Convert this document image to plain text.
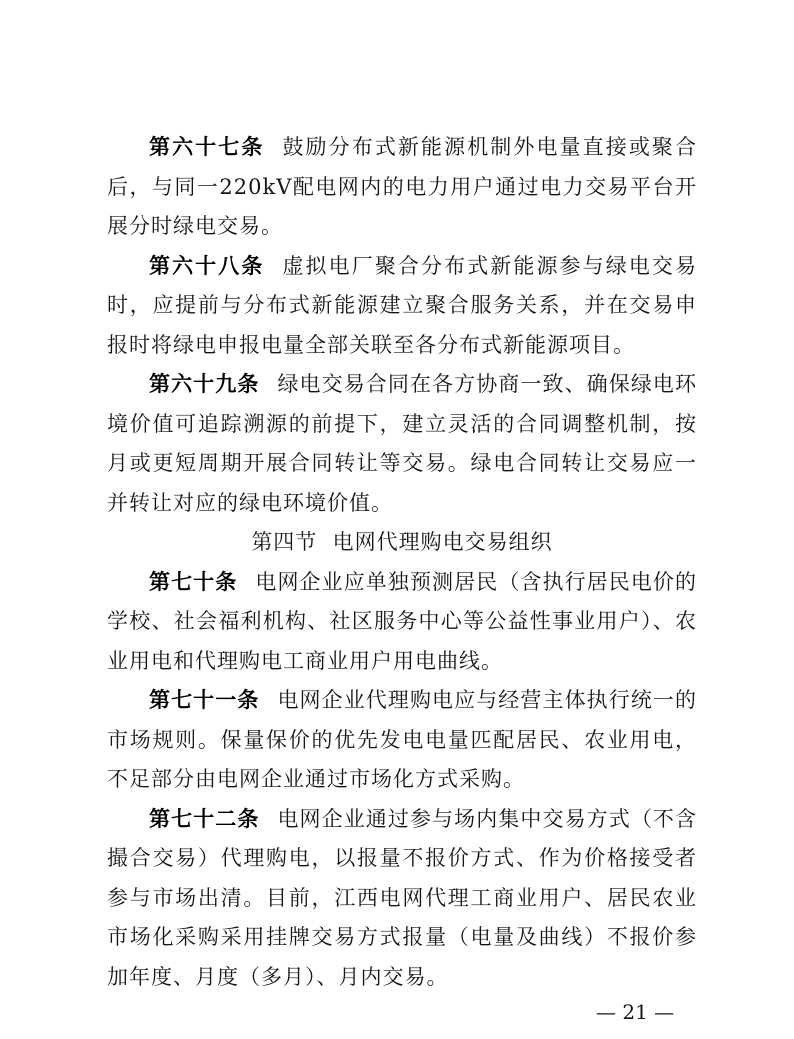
第六十七条 鼓励分布式新能源机制外电量直接或聚合后，与同一220kV配电网内的电力用户通过电力交易平台开展分时绿电交易。

第六十八条 虚拟电厂聚合分布式新能源参与绿电交易时，应提前与分布式新能源建立聚合服务关系，并在交易申报时将绿电申报电量全部关联至各分布式新能源项目。

第六十九条 绿电交易合同在各方协商一致、确保绿电环境价值可追踪溯源的前提下，建立灵活的合同调整机制，按月或更短周期开展合同转让等交易。绿电合同转让交易应一并转让对应的绿电环境价值。

第四节  电网代理购电交易组织

第七十条 电网企业应单独预测居民（含执行居民电价的学校、社会福利机构、社区服务中心等公益性事业用户）、农业用电和代理购电工商业用户用电曲线。

第七十一条 电网企业代理购电应与经营主体执行统一的市场规则。保量保价的优先发电电量匹配居民、农业用电，不足部分由电网企业通过市场化方式采购。

第七十二条 电网企业通过参与场内集中交易方式（不含撮合交易）代理购电，以报量不报价方式、作为价格接受者参与市场出清。目前，江西电网代理工商业用户、居民农业市场化采购采用挂牌交易方式报量（电量及曲线）不报价参加年度、月度（多月）、月内交易。

— 21 —
